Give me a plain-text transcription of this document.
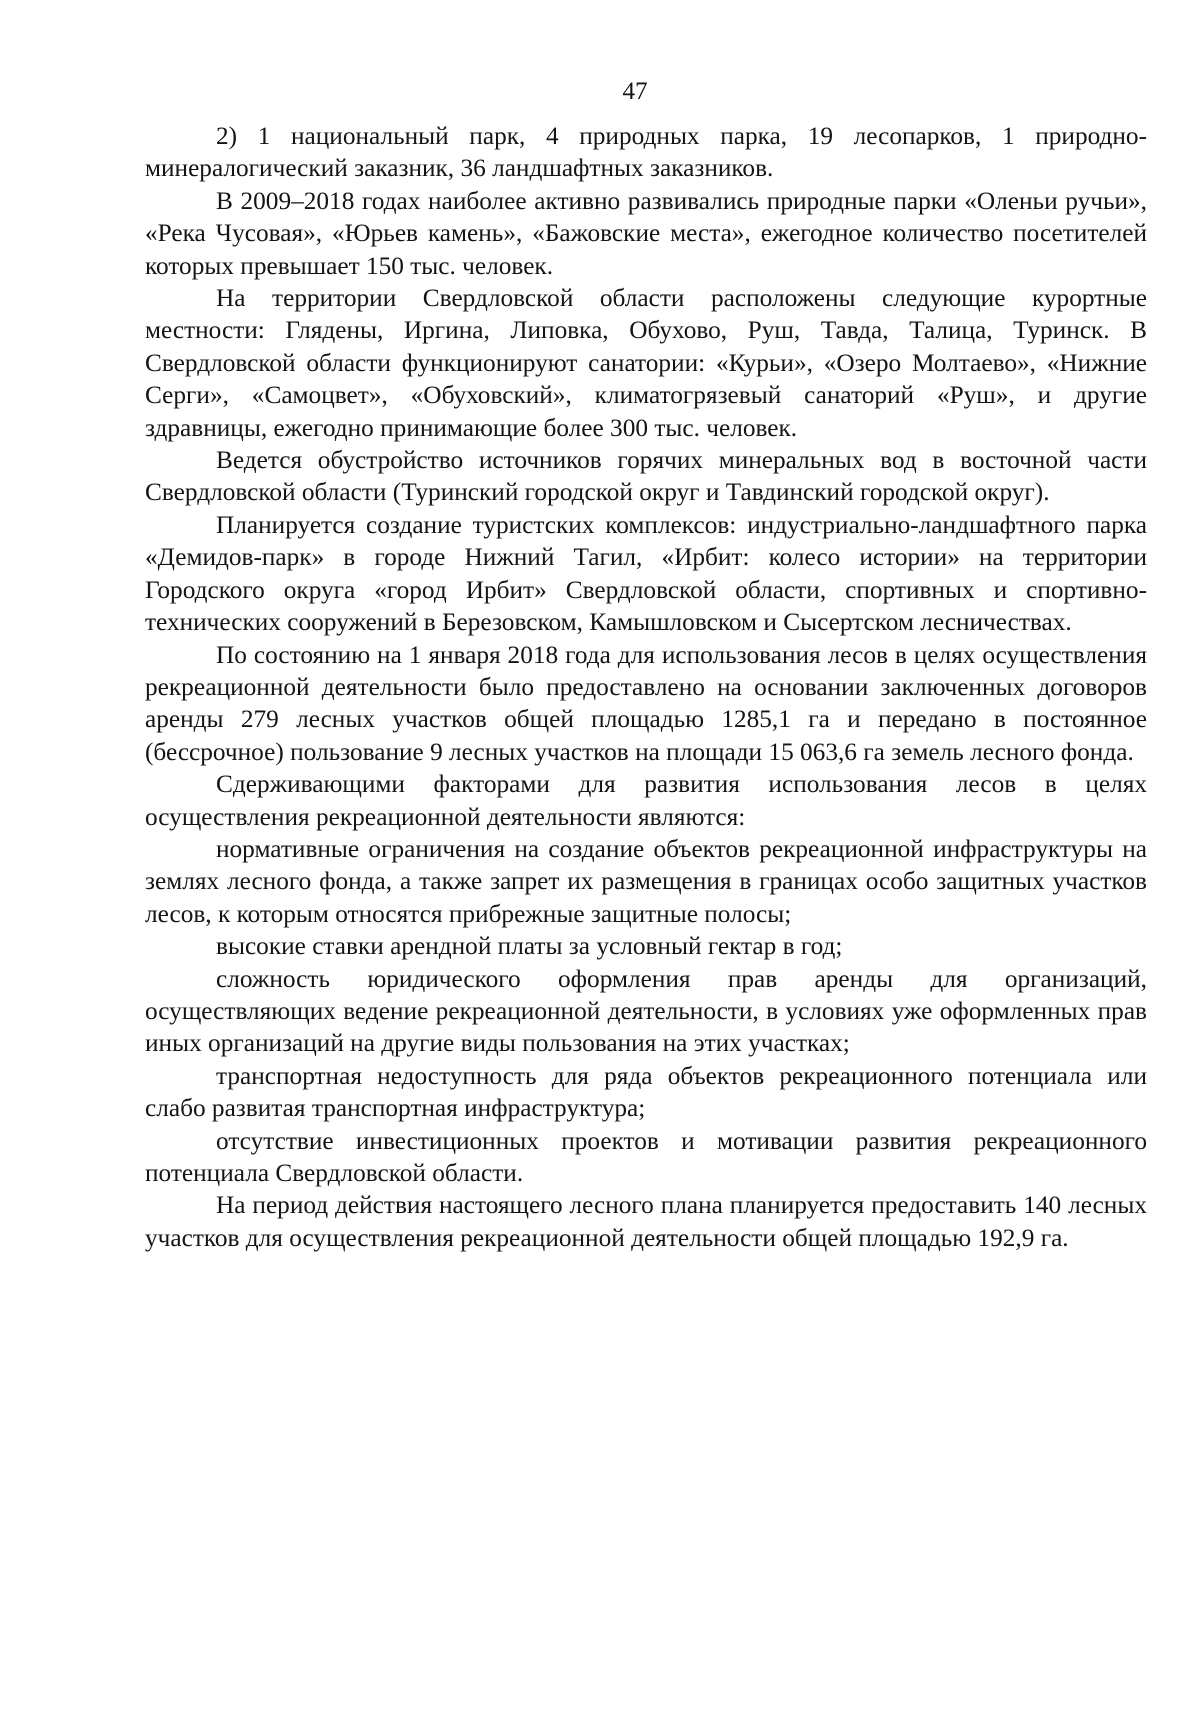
47

2) 1 национальный парк, 4 природных парка, 19 лесопарков, 1 природно-минералогический заказник, 36 ландшафтных заказников.

В 2009–2018 годах наиболее активно развивались природные парки «Оленьи ручьи», «Река Чусовая», «Юрьев камень», «Бажовские места», ежегодное количество посетителей которых превышает 150 тыс. человек.

На территории Свердловской области расположены следующие курортные местности: Глядены, Иргина, Липовка, Обухово, Руш, Тавда, Талица, Туринск. В Свердловской области функционируют санатории: «Курьи», «Озеро Молтаево», «Нижние Серги», «Самоцвет», «Обуховский», климатогрязевый санаторий «Руш», и другие здравницы, ежегодно принимающие более 300 тыс. человек.

Ведется обустройство источников горячих минеральных вод в восточной части Свердловской области (Туринский городской округ и Тавдинский городской округ).

Планируется создание туристских комплексов: индустриально-ландшафтного парка «Демидов-парк» в городе Нижний Тагил, «Ирбит: колесо истории» на территории Городского округа «город Ирбит» Свердловской области, спортивных и спортивно-технических сооружений в Березовском, Камышловском и Сысертском лесничествах.

По состоянию на 1 января 2018 года для использования лесов в целях осуществления рекреационной деятельности было предоставлено на основании заключенных договоров аренды 279 лесных участков общей площадью 1285,1 га и передано в постоянное (бессрочное) пользование 9 лесных участков на площади 15 063,6 га земель лесного фонда.

Сдерживающими факторами для развития использования лесов в целях осуществления рекреационной деятельности являются:

нормативные ограничения на создание объектов рекреационной инфраструктуры на землях лесного фонда, а также запрет их размещения в границах особо защитных участков лесов, к которым относятся прибрежные защитные полосы;

высокие ставки арендной платы за условный гектар в год;

сложность юридического оформления прав аренды для организаций, осуществляющих ведение рекреационной деятельности, в условиях уже оформленных прав иных организаций на другие виды пользования на этих участках;

транспортная недоступность для ряда объектов рекреационного потенциала или слабо развитая транспортная инфраструктура;

отсутствие инвестиционных проектов и мотивации развития рекреационного потенциала Свердловской области.

На период действия настоящего лесного плана планируется предоставить 140 лесных участков для осуществления рекреационной деятельности общей площадью 192,9 га.
